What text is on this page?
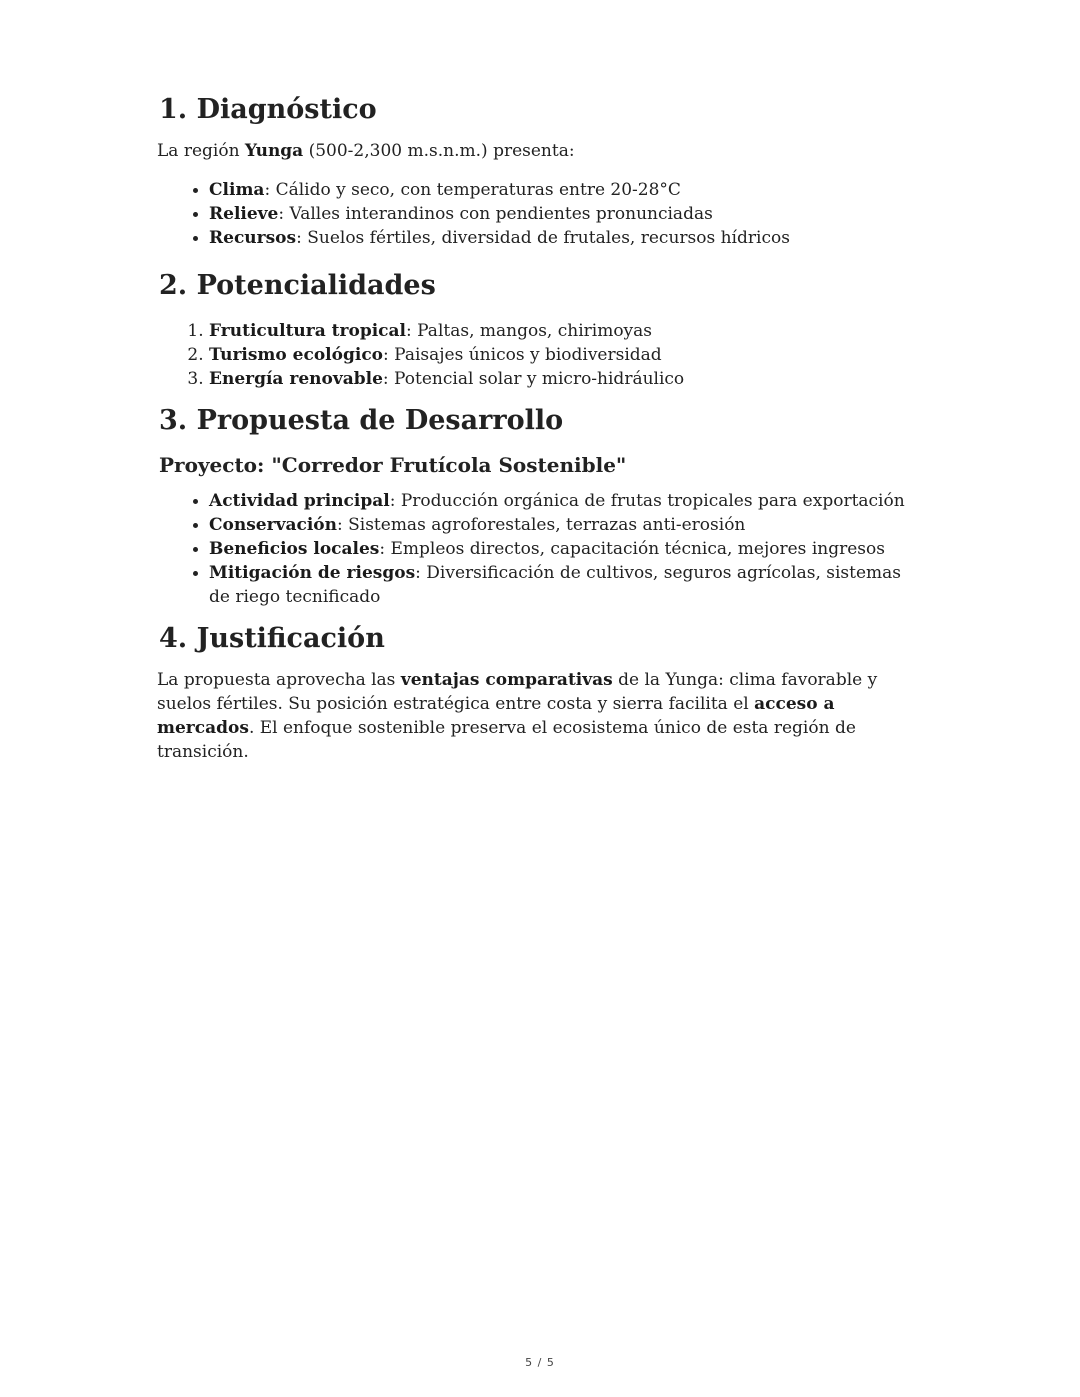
1. Diagnóstico

La región Yunga (500-2,300 m.s.n.m.) presenta:

• Clima: Cálido y seco, con temperaturas entre 20-28°C
• Relieve: Valles interandinos con pendientes pronunciadas
• Recursos: Suelos fértiles, diversidad de frutales, recursos hídricos
2. Potencialidades
1. Fruticultura tropical: Paltas, mangos, chirimoyas
2. Turismo ecológico: Paisajes únicos y biodiversidad
3. Energía renovable: Potencial solar y micro-hidráulico
3. Propuesta de Desarrollo
Proyecto: "Corredor Frutícola Sostenible"
• Actividad principal: Producción orgánica de frutas tropicales para exportación
• Conservación: Sistemas agroforestales, terrazas anti-erosión
• Beneficios locales: Empleos directos, capacitación técnica, mejores ingresos
• Mitigación de riesgos: Diversificación de cultivos, seguros agrícolas, sistemas de riego tecnificado
4. Justificación

La propuesta aprovecha las ventajas comparativas de la Yunga: clima favorable y suelos fértiles. Su posición estratégica entre costa y sierra facilita el acceso a mercados. El enfoque sostenible preserva el ecosistema único de esta región de transición.

5 / 5
